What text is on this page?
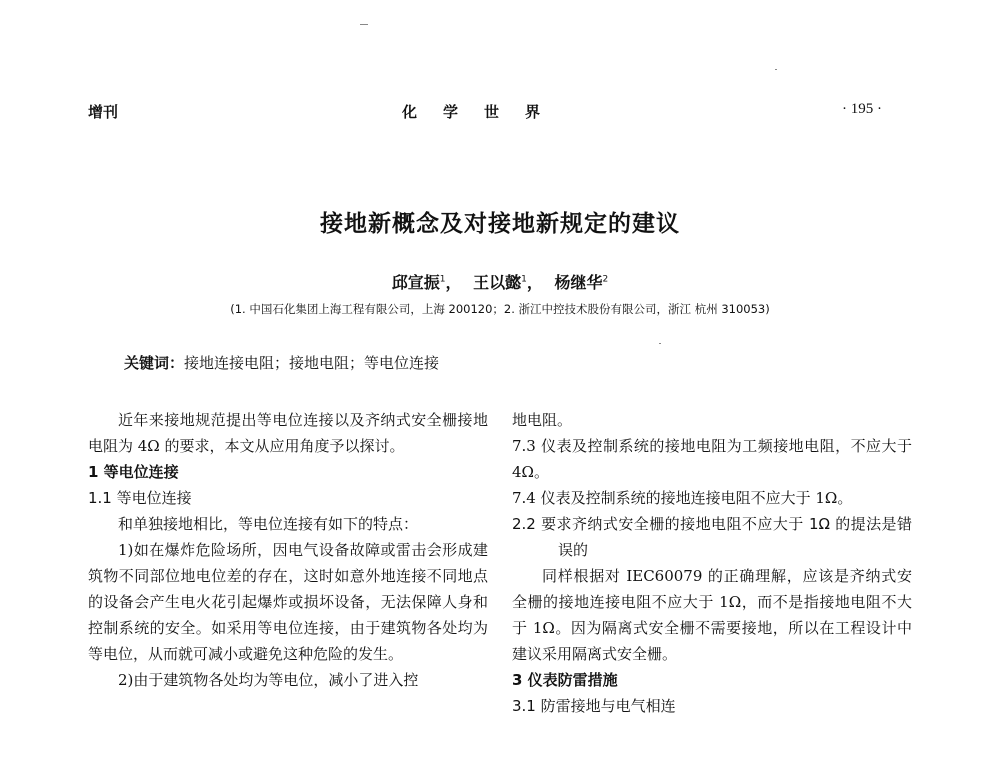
增刊	化学世界	· 195 ·
接地新概念及对接地新规定的建议
邱宣振$^1$， 王以懿$^1$， 杨继华$^2$
(1. 中国石化集团上海工程有限公司，上海 200120；2. 浙江中控技术股份有限公司，浙江 杭州 310053)
关键词：接地连接电阻；接地电阻；等电位连接

近年来接地规范提出等电位连接以及齐纳式安全栅接地电阻为 4Ω 的要求，本文从应用角度予以探讨。

1 等电位连接

1.1 等电位连接

和单独接地相比，等电位连接有如下的特点：

1)如在爆炸危险场所，因电气设备故障或雷击会形成建筑物不同部位地电位差的存在，这时如意外地连接不同地点的设备会产生电火花引起爆炸或损坏设备，无法保障人身和控制系统的安全。如采用等电位连接，由于建筑物各处均为等电位，从而就可减小或避免这种危险的发生。

2)由于建筑物各处均为等电位，减小了进入控

地电阻。

7.3 仪表及控制系统的接地电阻为工频接地电阻，不应大于 4Ω。

7.4 仪表及控制系统的接地连接电阻不应大于 1Ω。

2.2 要求齐纳式安全栅的接地电阻不应大于 1Ω 的提法是错误的

同样根据对 IEC60079 的正确理解，应该是齐纳式安全栅的接地连接电阻不应大于 1Ω，而不是指接地电阻不大于 1Ω。因为隔离式安全栅不需要接地，所以在工程设计中建议采用隔离式安全栅。

3 仪表防雷措施

3.1 防雷接地与电气相连
